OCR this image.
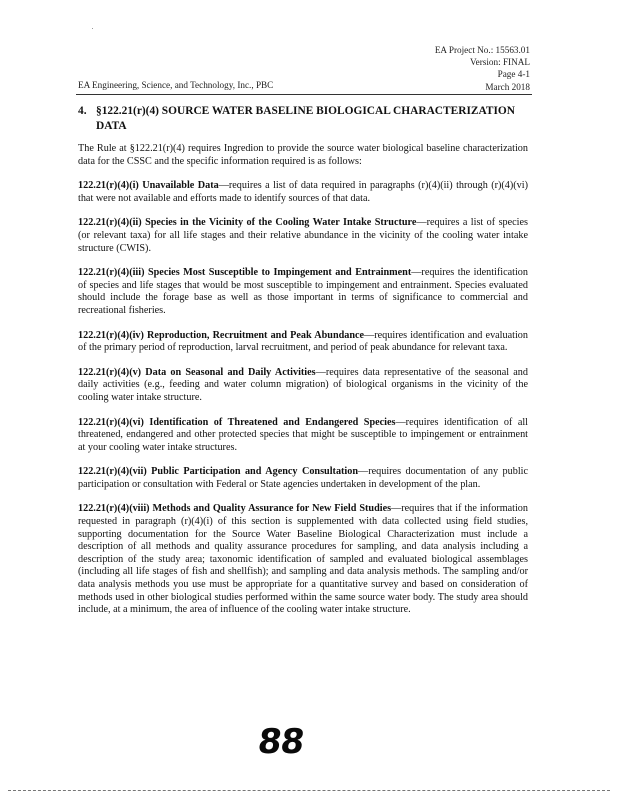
EA Project No.: 15563.01
Version: FINAL
Page 4-1
March 2018
EA Engineering, Science, and Technology, Inc., PBC
4. §122.21(r)(4) SOURCE WATER BASELINE BIOLOGICAL CHARACTERIZATION DATA

The Rule at §122.21(r)(4) requires Ingredion to provide the source water biological baseline characterization data for the CSSC and the specific information required is as follows:

122.21(r)(4)(i) Unavailable Data—requires a list of data required in paragraphs (r)(4)(ii) through (r)(4)(vi) that were not available and efforts made to identify sources of that data.

122.21(r)(4)(ii) Species in the Vicinity of the Cooling Water Intake Structure—requires a list of species (or relevant taxa) for all life stages and their relative abundance in the vicinity of the cooling water intake structure (CWIS).

122.21(r)(4)(iii) Species Most Susceptible to Impingement and Entrainment—requires the identification of species and life stages that would be most susceptible to impingement and entrainment. Species evaluated should include the forage base as well as those important in terms of significance to commercial and recreational fisheries.

122.21(r)(4)(iv) Reproduction, Recruitment and Peak Abundance—requires identification and evaluation of the primary period of reproduction, larval recruitment, and period of peak abundance for relevant taxa.

122.21(r)(4)(v) Data on Seasonal and Daily Activities—requires data representative of the seasonal and daily activities (e.g., feeding and water column migration) of biological organisms in the vicinity of the cooling water intake structure.

122.21(r)(4)(vi) Identification of Threatened and Endangered Species—requires identification of all threatened, endangered and other protected species that might be susceptible to impingement or entrainment at your cooling water intake structures.

122.21(r)(4)(vii) Public Participation and Agency Consultation—requires documentation of any public participation or consultation with Federal or State agencies undertaken in development of the plan.

122.21(r)(4)(viii) Methods and Quality Assurance for New Field Studies—requires that if the information requested in paragraph (r)(4)(i) of this section is supplemented with data collected using field studies, supporting documentation for the Source Water Baseline Biological Characterization must include a description of all methods and quality assurance procedures for sampling, and data analysis including a description of the study area; taxonomic identification of sampled and evaluated biological assemblages (including all life stages of fish and shellfish); and sampling and data analysis methods. The sampling and/or data analysis methods you use must be appropriate for a quantitative survey and based on consideration of methods used in other biological studies performed within the same source water body. The study area should include, at a minimum, the area of influence of the cooling water intake structure.

88
